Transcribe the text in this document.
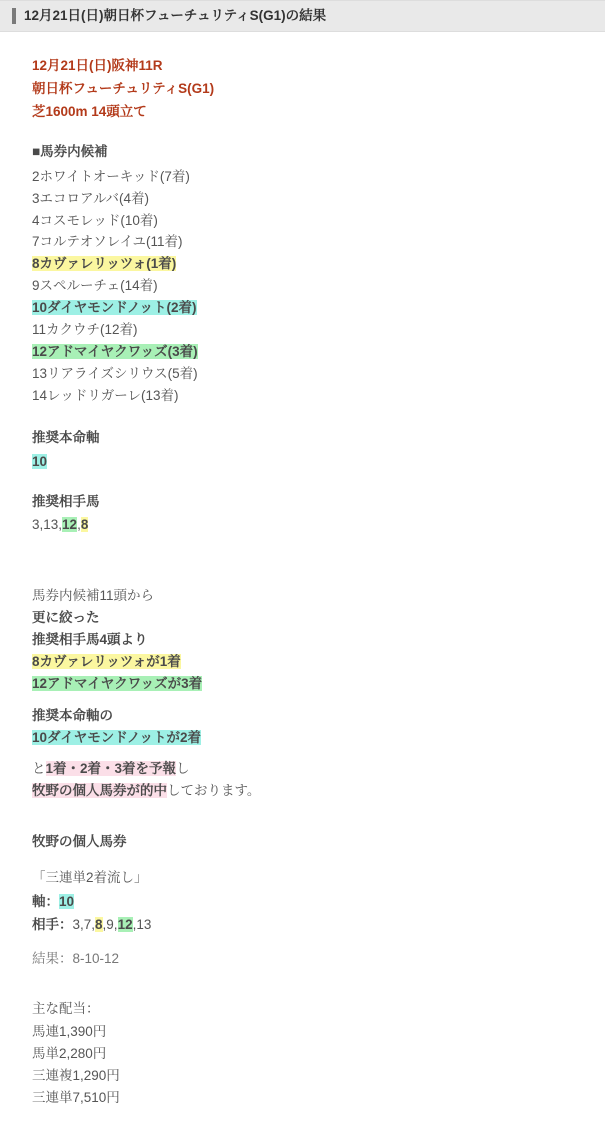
12月21日(日)朝日杯フューチュリティS(G1)の結果
12月21日(日)阪神11R
朝日杯フューチュリティS(G1)
芝1600m 14頭立て
■馬券内候補
2ホワイトオーキッド(7着)
3エコロアルバ(4着)
4コスモレッド(10着)
7コルテオソレイユ(11着)
8カヴァレリッツォ(1着)
9スペルーチェ(14着)
10ダイヤモンドノット(2着)
11カクウチ(12着)
12アドマイヤクワッズ(3着)
13リアライズシリウス(5着)
14レッドリガーレ(13着)
推奨本命軸
10
推奨相手馬
3,13,12,8
馬券内候補11頭から
更に絞った
推奨相手馬4頭より
8カヴァレリッツォが1着
12アドマイヤクワッズが3着
推奨本命軸の
10ダイヤモンドノットが2着
と1着・2着・3着を予報し
牧野の個人馬券が的中しております。
牧野の個人馬券
「三連単2着流し」
軸：10
相手：3,7,8,9,12,13
結果：8-10-12
主な配当：
馬連1,390円
馬単2,280円
三連複1,290円
三連単7,510円
